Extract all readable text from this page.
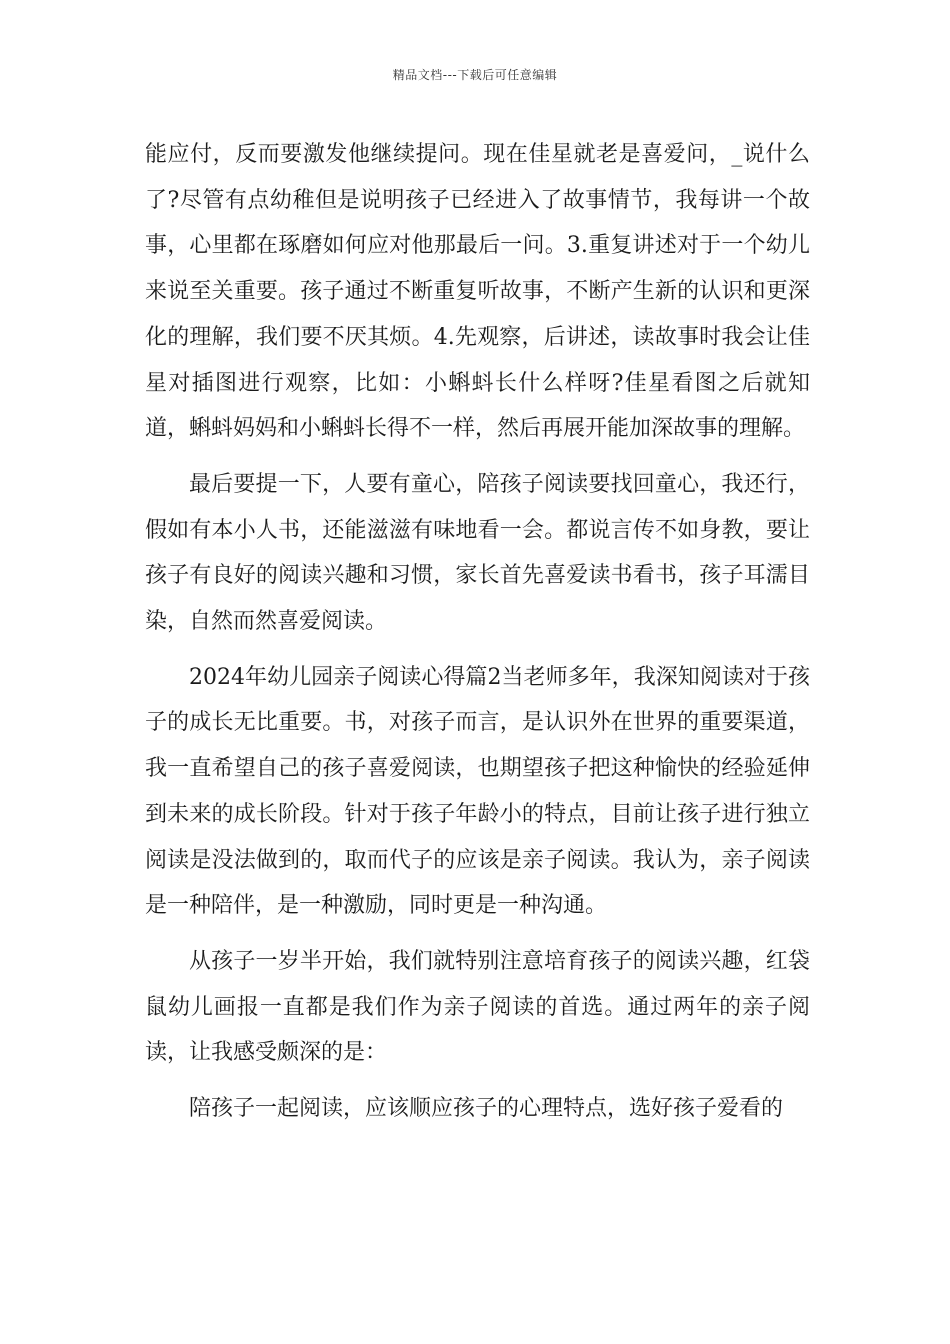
精品文档---下载后可任意编辑

能应付，反而要激发他继续提问。现在佳星就老是喜爱问，_说什么了?尽管有点幼稚但是说明孩子已经进入了故事情节，我每讲一个故事，心里都在琢磨如何应对他那最后一问。3.重复讲述对于一个幼儿来说至关重要。孩子通过不断重复听故事，不断产生新的认识和更深化的理解，我们要不厌其烦。4.先观察，后讲述，读故事时我会让佳星对插图进行观察，比如：小蝌蚪长什么样呀?佳星看图之后就知道，蝌蚪妈妈和小蝌蚪长得不一样，然后再展开能加深故事的理解。

最后要提一下，人要有童心，陪孩子阅读要找回童心，我还行，假如有本小人书，还能滋滋有味地看一会。都说言传不如身教，要让孩子有良好的阅读兴趣和习惯，家长首先喜爱读书看书，孩子耳濡目染，自然而然喜爱阅读。

2024年幼儿园亲子阅读心得篇2当老师多年，我深知阅读对于孩子的成长无比重要。书，对孩子而言，是认识外在世界的重要渠道，我一直希望自己的孩子喜爱阅读，也期望孩子把这种愉快的经验延伸到未来的成长阶段。针对于孩子年龄小的特点，目前让孩子进行独立阅读是没法做到的，取而代子的应该是亲子阅读。我认为，亲子阅读是一种陪伴，是一种激励，同时更是一种沟通。

从孩子一岁半开始，我们就特别注意培育孩子的阅读兴趣，红袋鼠幼儿画报一直都是我们作为亲子阅读的首选。通过两年的亲子阅读，让我感受颇深的是：

陪孩子一起阅读，应该顺应孩子的心理特点，选好孩子爱看的
